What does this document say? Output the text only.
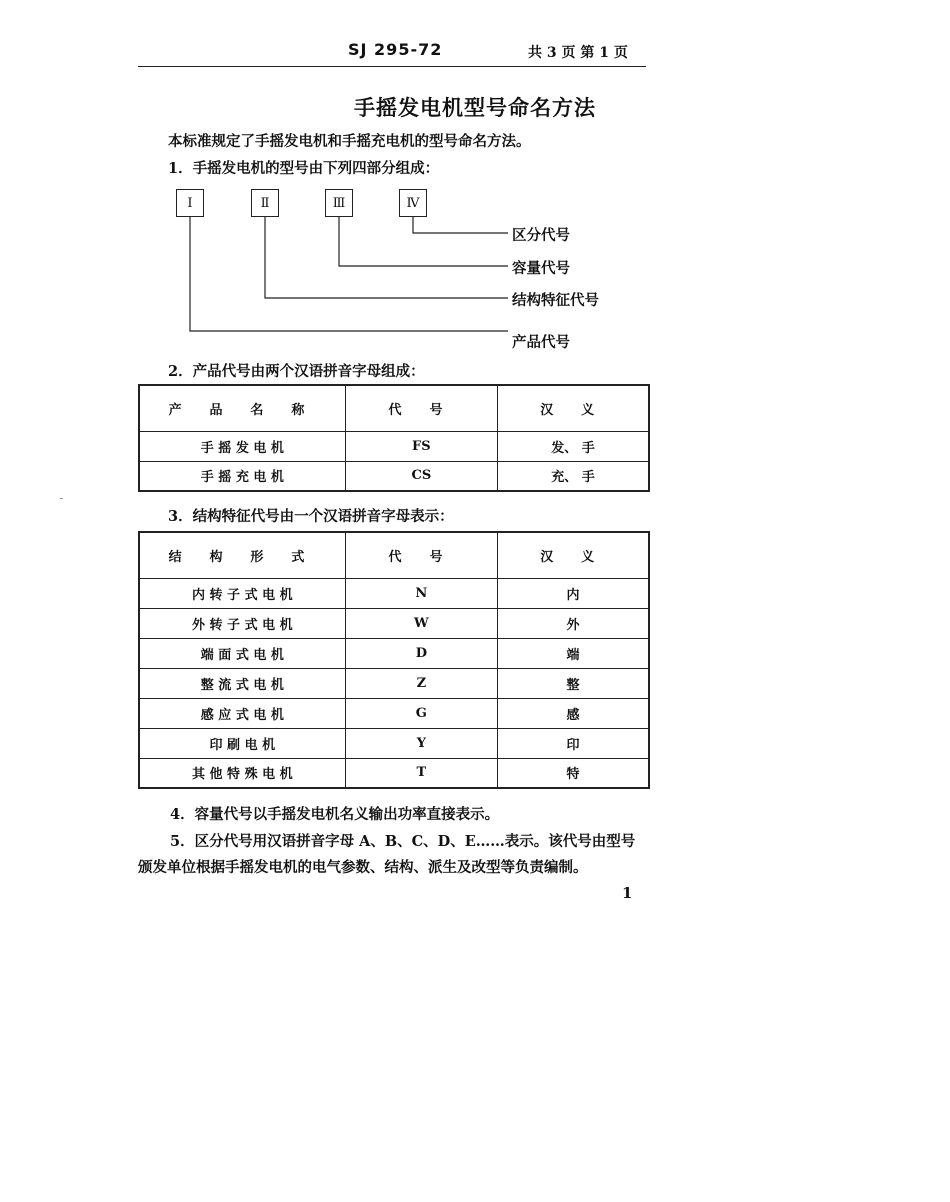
SJ 295-72	共 3 页 第 1 页
手摇发电机型号命名方法
本标准规定了手摇发电机和手摇充电机的型号命名方法。
1．手摇发电机的型号由下列四部分组成：
Ⅰ	Ⅱ	Ⅲ	Ⅳ
区分代号
容量代号
结构特征代号
产品代号
2．产品代号由两个汉语拼音字母组成：
产 品 名 称	代 号	汉 义
手 摇 发 电 机	FS	发、 手
手 摇 充 电 机	CS	充、 手
3．结构特征代号由一个汉语拼音字母表示：
结 构 形 式	代 号	汉 义
内 转 子 式 电 机	N	内
外 转 子 式 电 机	W	外
端 面 式 电 机	D	端
整 流 式 电 机	Z	整
感 应 式 电 机	G	感
印 刷 电 机	Y	印
其 他 特 殊 电 机	T	特
4．容量代号以手摇发电机名义输出功率直接表示。
5．区分代号用汉语拼音字母 A、B、C、D、E……表示。该代号由型号
颁发单位根据手摇发电机的电气参数、结构、派生及改型等负责编制。
1
